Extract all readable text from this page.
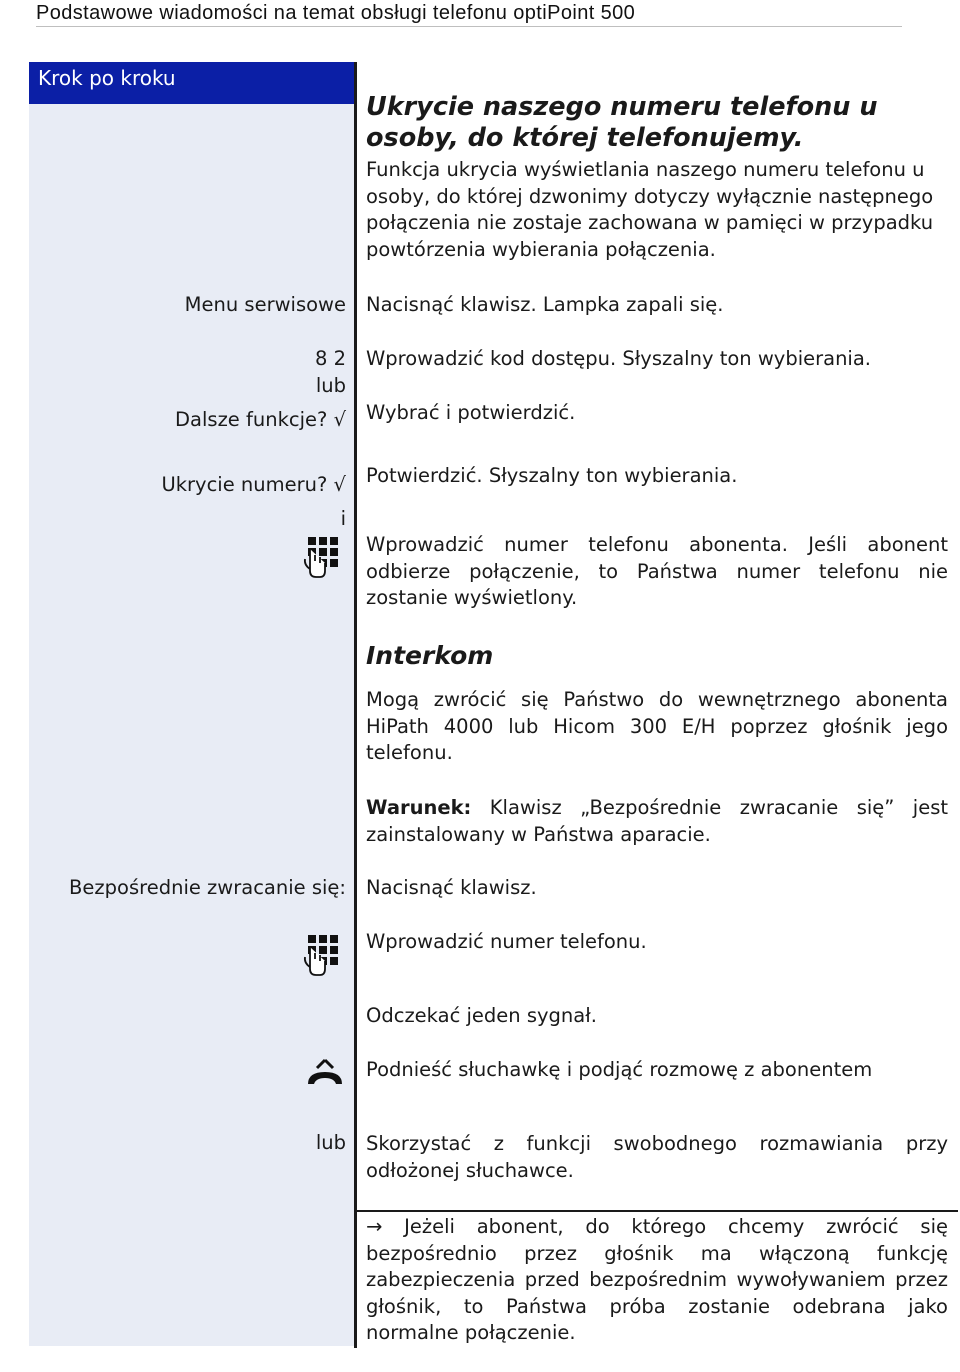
Podstawowe wiadomości na temat obsługi telefonu optiPoint 500
Krok po kroku
Menu serwisowe
8 2
lub
Dalsze funkcje? √
Ukrycie numeru? √
i
Bezpośrednie zwracanie się:
lub
Ukrycie naszego numeru telefonu u osoby, do której telefonujemy.
Funkcja ukrycia wyświetlania naszego numeru telefonu u osoby, do której dzwonimy dotyczy wyłącznie następnego połączenia nie zostaje zachowana w pamięci w przypadku powtórzenia wybierania połączenia.
Nacisnąć klawisz. Lampka zapali się.
Wprowadzić kod dostępu. Słyszalny ton wybierania.
Wybrać i potwierdzić.
Potwierdzić. Słyszalny ton wybierania.
Wprowadzić numer telefonu abonenta. Jeśli abonent odbierze połączenie, to Państwa numer telefonu nie zostanie wyświetlony.
Interkom
Mogą zwrócić się Państwo do wewnętrznego abonenta HiPath 4000 lub Hicom 300 E/H poprzez głośnik jego telefonu.
Warunek: Klawisz „Bezpośrednie zwracanie się” jest zainstalowany w Państwa aparacie.
Nacisnąć klawisz.
Wprowadzić numer telefonu.
Odczekać jeden sygnał.
Podnieść słuchawkę i podjąć rozmowę z abonentem
Skorzystać z funkcji swobodnego rozmawiania przy odłożonej słuchawce.
→ Jeżeli abonent, do którego chcemy zwrócić się bezpośrednio przez głośnik ma włączoną funkcję zabezpieczenia przed bezpośrednim wywoływaniem przez głośnik, to Państwa próba zostanie odebrana jako normalne połączenie.
